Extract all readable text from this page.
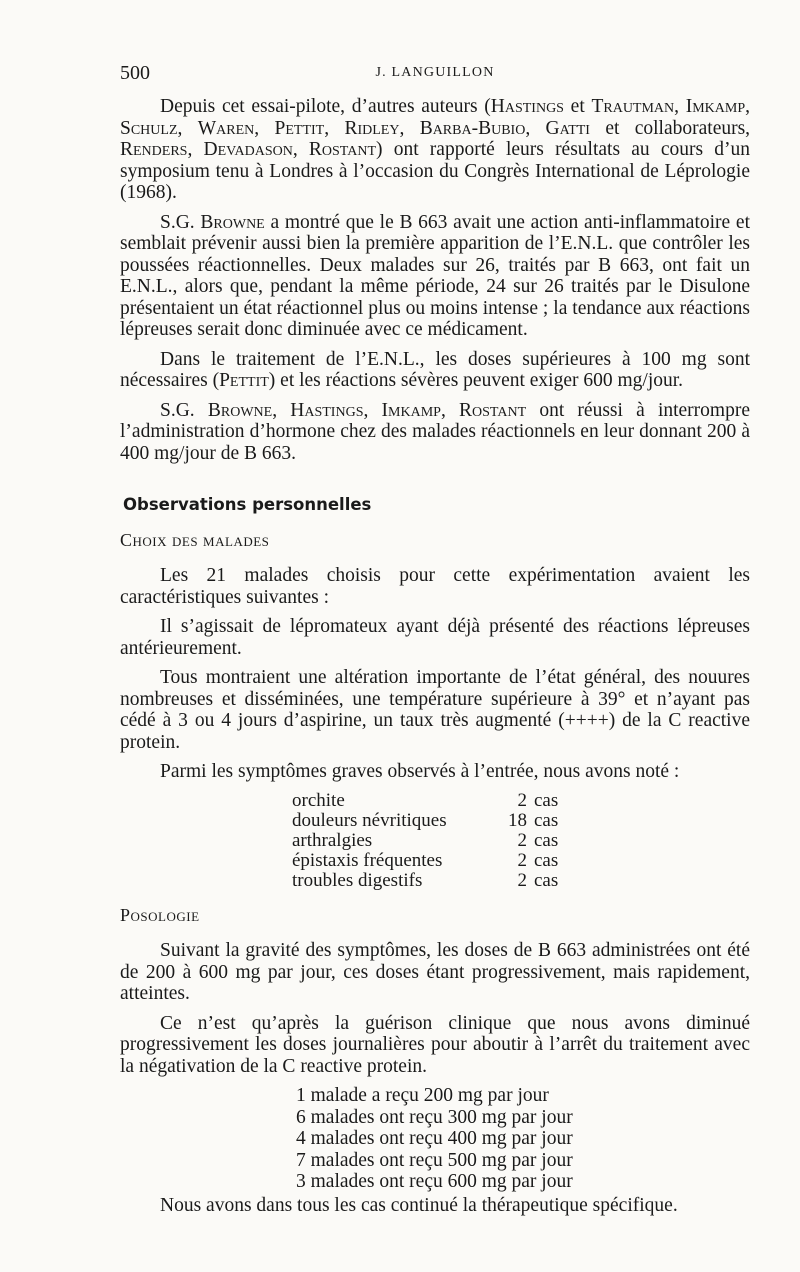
500	J. LANGUILLON

Depuis cet essai-pilote, d’autres auteurs (Hastings et Trautman, Imkamp, Schulz, Waren, Pettit, Ridley, Barba-Bubio, Gatti et collaborateurs, Renders, Devadason, Rostant) ont rapporté leurs résultats au cours d’un symposium tenu à Londres à l’occasion du Congrès International de Léprologie (1968).

S.G. Browne a montré que le B 663 avait une action anti-inflammatoire et semblait prévenir aussi bien la première apparition de l’E.N.L. que contrôler les poussées réactionnelles. Deux malades sur 26, traités par B 663, ont fait un E.N.L., alors que, pendant la même période, 24 sur 26 traités par le Disulone présentaient un état réactionnel plus ou moins intense ; la tendance aux réactions lépreuses serait donc diminuée avec ce médicament.

Dans le traitement de l’E.N.L., les doses supérieures à 100 mg sont nécessaires (Pettit) et les réactions sévères peuvent exiger 600 mg/jour.

S.G. Browne, Hastings, Imkamp, Rostant ont réussi à interrompre l’administration d’hormone chez des malades réactionnels en leur donnant 200 à 400 mg/jour de B 663.

Observations personnelles
Choix des malades

Les 21 malades choisis pour cette expérimentation avaient les caractéristiques suivantes :

Il s’agissait de lépromateux ayant déjà présenté des réactions lépreuses antérieurement.

Tous montraient une altération importante de l’état général, des nouures nombreuses et disséminées, une température supérieure à 39° et n’ayant pas cédé à 3 ou 4 jours d’aspirine, un taux très augmenté (++++) de la C reactive protein.

Parmi les symptômes graves observés à l’entrée, nous avons noté :

orchite	2	cas
douleurs névritiques	18	cas
arthralgies	2	cas
épistaxis fréquentes	2	cas
troubles digestifs	2	cas
Posologie

Suivant la gravité des symptômes, les doses de B 663 administrées ont été de 200 à 600 mg par jour, ces doses étant progressivement, mais rapidement, atteintes.

Ce n’est qu’après la guérison clinique que nous avons diminué progressivement les doses journalières pour aboutir à l’arrêt du traitement avec la négativation de la C reactive protein.

1 malade a reçu 200 mg par jour
6 malades ont reçu 300 mg par jour
4 malades ont reçu 400 mg par jour
7 malades ont reçu 500 mg par jour
3 malades ont reçu 600 mg par jour

Nous avons dans tous les cas continué la thérapeutique spécifique.
